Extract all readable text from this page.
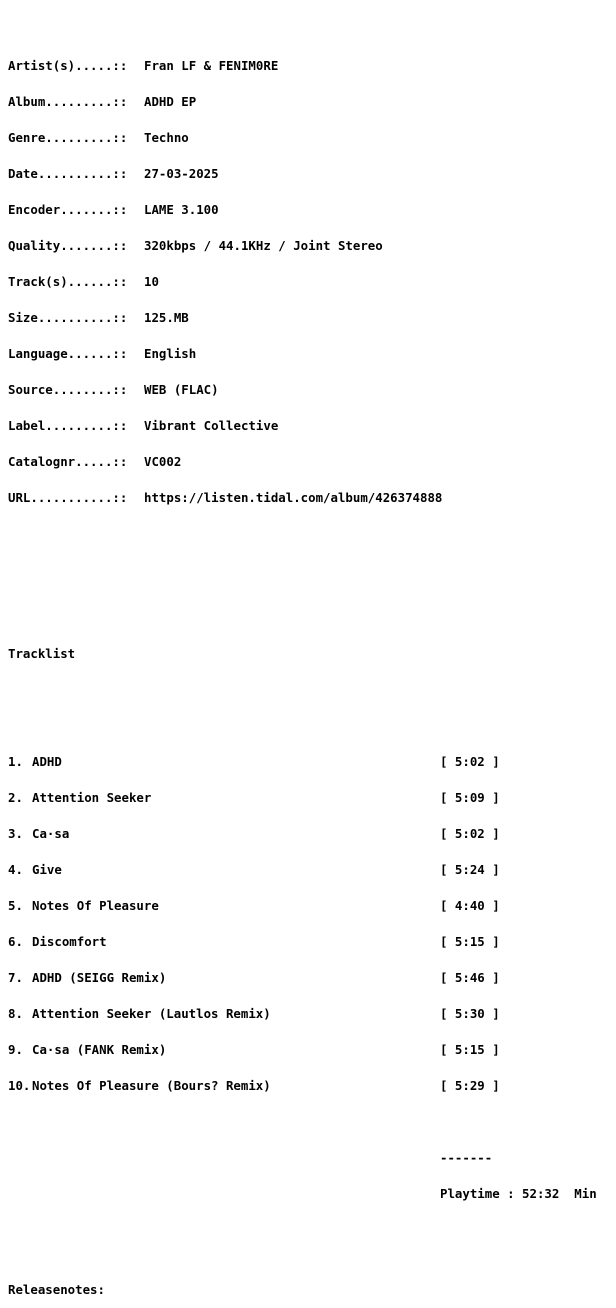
Artist(s).....:: Fran LF & FENIM0RE

Album.........:: ADHD EP

Genre.........:: Techno

Date..........:: 27-03-2025

Encoder.......:: LAME 3.100

Quality.......:: 320kbps / 44.1KHz / Joint Stereo

Track(s)......:: 10

Size..........:: 125.MB

Language......:: English

Source........:: WEB (FLAC)

Label.........:: Vibrant Collective

Catalognr.....:: VC002

URL...........:: https://listen.tidal.com/album/426374888

Tracklist

1. ADHD	[ 5:02 ]

2. Attention Seeker	[ 5:09 ]

3. Ca·sa	[ 5:02 ]

4. Give	[ 5:24 ]

5. Notes Of Pleasure	[ 4:40 ]

6. Discomfort	[ 5:15 ]

7. ADHD (SEIGG Remix)	[ 5:46 ]

8. Attention Seeker (Lautlos Remix)	[ 5:30 ]

9. Ca·sa (FANK Remix)	[ 5:15 ]

10. Notes Of Pleasure (Bours? Remix)	[ 5:29 ]

-------

Playtime : 52:32  Min

Releasenotes:
